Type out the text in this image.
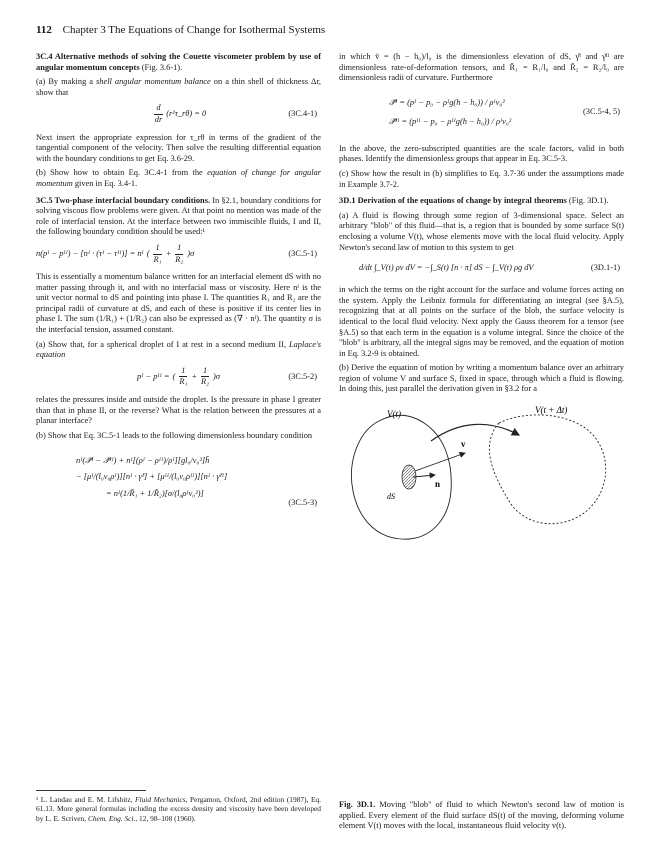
112 Chapter 3 The Equations of Change for Isothermal Systems

3C.4 Alternative methods of solving the Couette viscometer problem by use of angular momentum concepts (Fig. 3.6-1).

(a) By making a shell angular momentum balance on a thin shell of thickness Δr, show that

$\frac{d}{dr}$ (r²τ_rθ) = 0	(3C.4-1)

Next insert the appropriate expression for τ_rθ in terms of the gradient of the tangential component of the velocity. Then solve the resulting differential equation with the boundary conditions to get Eq. 3.6-29.

(b) Show how to obtain Eq. 3C.4-1 from the equation of change for angular momentum given in Eq. 3.4-1.

3C.5 Two-phase interfacial boundary conditions. In §2.1, boundary conditions for solving viscous flow problems were given. At that point no mention was made of the role of interfacial tension. At the interface between two immiscible fluids, I and II, the following boundary condition should be used:¹

n (pᴵ − pᴵᴵ) − [nᴵ · (τᴵ − τᴵᴵ)] = nᴵ ( $\frac{1}{\text{R₁}} + \frac{1}{\text{R₂}}$ ) σ	(3C.5-1)

This is essentially a momentum balance written for an interfacial element dS with no matter passing through it, and with no interfacial mass or viscosity. Here nᴵ is the unit vector normal to dS and pointing into phase I. The quantities R₁ and R₂ are the principal radii of curvature at dS, and each of these is positive if its center lies in phase I. The sum (1/R₁) + (1/R₂) can also be expressed as (∇ · nᴵ). The quantity σ is the interfacial tension, assumed constant.

(a) Show that, for a spherical droplet of I at rest in a second medium II, Laplace's equation

pᴵ − pᴵᴵ = ( $\frac{1}{\text{R₁}} + \frac{1}{\text{R₂}}$ ) σ	(3C.5-2)

relates the pressures inside and outside the droplet. Is the pressure in phase I greater than that in phase II, or the reverse? What is the relation between the pressures at a planar interface?

(b) Show that Eq. 3C.5-1 leads to the following dimensionless boundary condition

nᴵ(𝒫̆ᴵ − 𝒫̆ᴵᴵ) + nᴵ[(ρᴵ − ρᴵᴵ)/ρᴵ][gl₀/v₀²]h̆
− [μᴵ/(l₀v₀ρᴵ)][nᴵ · γ̆ᴵ] + [μᴵᴵ/(l₀v₀ρᴵᴵ)][nᴵ · γ̆ᴵᴵ]
= nᴵ(1/R̆₁ + 1/R̆₂)[σ/(l₀ρᴵv₀²)]
(3C.5-3)
¹ L. Landau and E. M. Lifshitz, Fluid Mechanics, Pergamon, Oxford, 2nd edition (1987), Eq. 61.13. More general formulas including the excess density and viscosity have been developed by L. E. Scriven, Chem. Eng. Sci., 12, 98–108 (1960).

in which v̆ = (h − h₀)/l₀ is the dimensionless elevation of dS, γ̆ᴵ and γ̆ᴵᴵ are dimensionless rate-of-deformation tensors, and R̆₁ = R₁/l₀ and R̆₂ = R₂/l₀ are dimensionless radii of curvature. Furthermore

𝒫̆ᴵ = (pᴵ − p₀ − ρᴵg(h − h₀)) / ρᴵv₀²
𝒫̆ᴵᴵ = (pᴵᴵ − p₀ − ρᴵᴵg(h − h₀)) / ρᴵv₀²
(3C.5-4, 5)

In the above, the zero-subscripted quantities are the scale factors, valid in both phases. Identify the dimensionless groups that appear in Eq. 3C.5-3.

(c) Show how the result in (b) simplifies to Eq. 3.7-36 under the assumptions made in Example 3.7-2.

3D.1 Derivation of the equations of change by integral theorems (Fig. 3D.1).

(a) A fluid is flowing through some region of 3-dimensional space. Select an arbitrary "blob" of this fluid—that is, a region that is bounded by some surface S(t) enclosing a volume V(t), whose elements move with the local fluid velocity. Apply Newton's second law of motion to this system to get

d/dt ∫_V(t) ρv dV = −∫_S(t) [n · π] dS − ∫_V(t) ρg dV	(3D.1-1)

in which the terms on the right account for the surface and volume forces acting on the system. Apply the Leibniz formula for differentiating an integral (see §A.5), recognizing that at all points on the surface of the blob, the surface velocity is identical to the local fluid velocity. Next apply the Gauss theorem for a tensor (see §A.5) so that each term in the equation is a volume integral. Since the choice of the "blob" is arbitrary, all the integral signs may be removed, and the equation of motion in Eq. 3.2-9 is obtained.

(b) Derive the equation of motion by writing a momentum balance over an arbitrary region of volume V and surface S, fixed in space, through which a fluid is flowing. In doing this, just parallel the derivation given in §3.2 for a

V(t)	V(t + Δt)
v
n
dS
Fig. 3D.1. Moving "blob" of fluid to which Newton's second law of motion is applied. Every element of the fluid surface dS(t) of the moving, deforming volume element V(t) moves with the local, instantaneous fluid velocity v(t).
